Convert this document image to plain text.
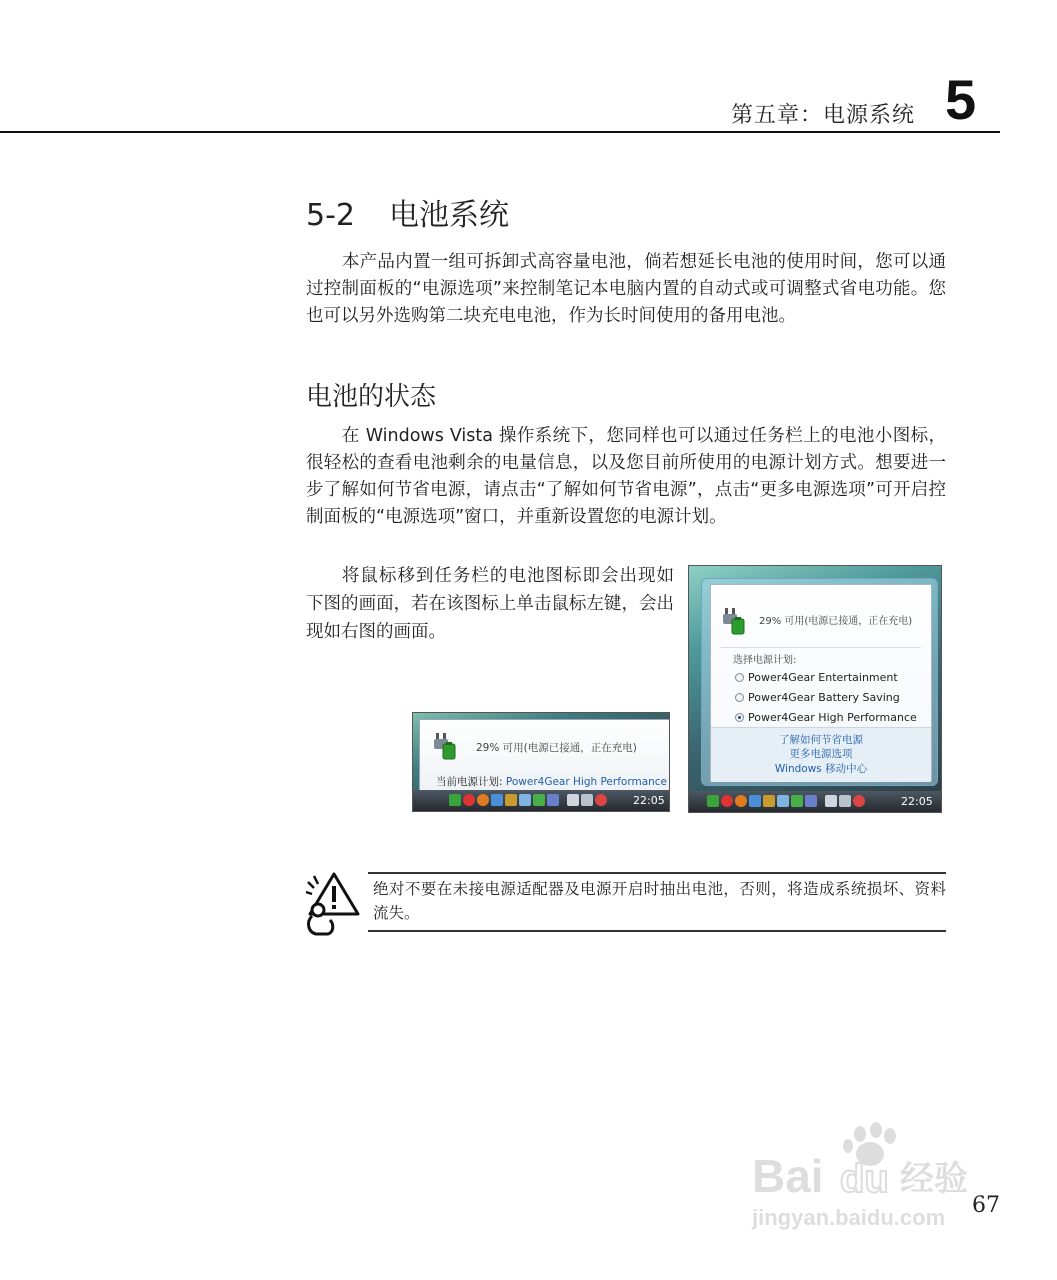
第五章：电源系统 5
5-2 电池系统

本产品内置一组可拆卸式高容量电池，倘若想延长电池的使用时间，您可以通过控制面板的“电源选项”来控制笔记本电脑内置的自动式或可调整式省电功能。您也可以另外选购第二块充电电池，作为长时间使用的备用电池。

电池的状态

在 Windows Vista 操作系统下，您同样也可以通过任务栏上的电池小图标，很轻松的查看电池剩余的电量信息，以及您目前所使用的电源计划方式。想要进一步了解如何节省电源，请点击“了解如何节省电源”，点击“更多电源选项”可开启控制面板的“电源选项”窗口，并重新设置您的电源计划。

将鼠标移到任务栏的电池图标即会出现如下图的画面，若在该图标上单击鼠标左键，会出现如右图的画面。

29% 可用(电源已接通，正在充电)
当前电源计划: Power4Gear High Performance
22:05
29% 可用(电源已接通，正在充电)
选择电源计划:
Power4Gear Entertainment
Power4Gear Battery Saving
Power4Gear High Performance
了解如何节省电源
更多电源选项
Windows 移动中心
22:05
绝对不要在未接电源适配器及电源开启时抽出电池，否则，将造成系统损坏、资料流失。
Bai du 经验
jingyan.baidu.com 67
